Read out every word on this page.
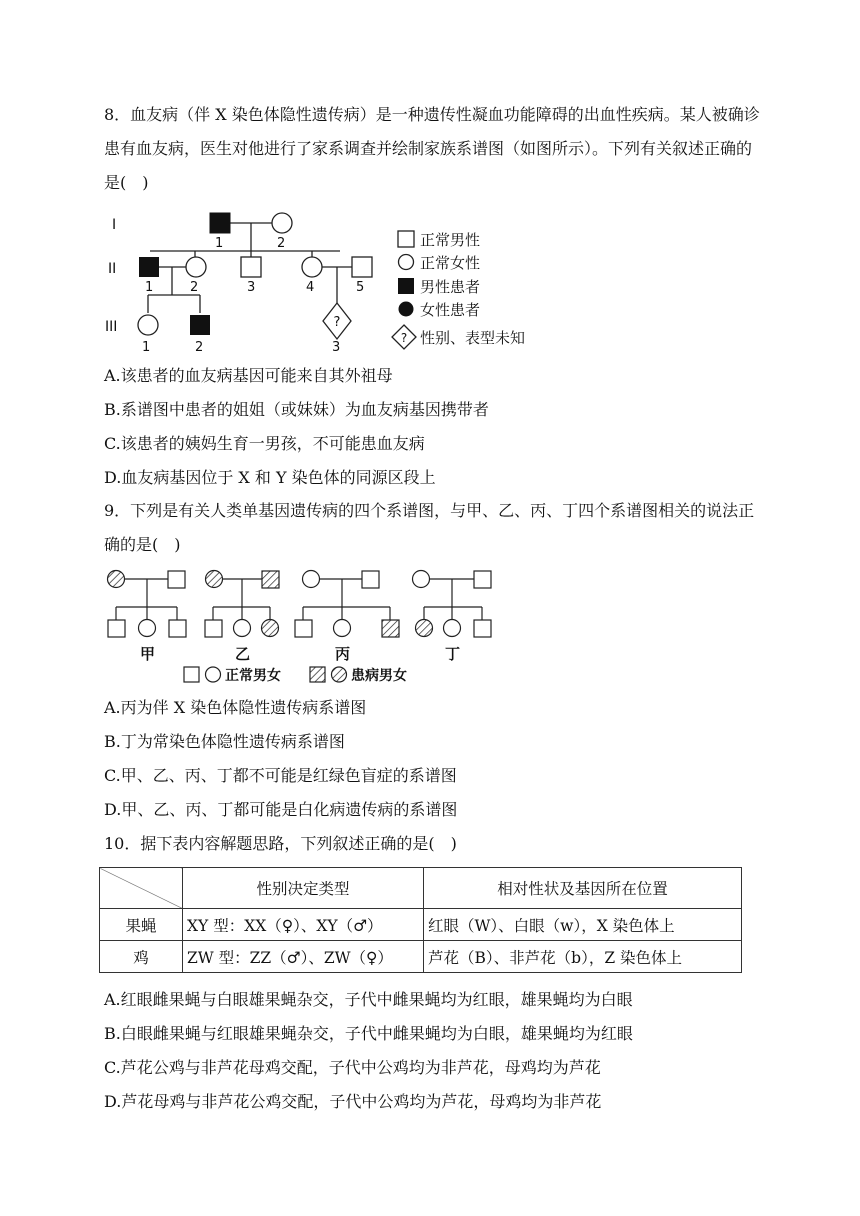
8．血友病（伴 X 染色体隐性遗传病）是一种遗传性凝血功能障碍的出血性疾病。某人被确诊患有血友病，医生对他进行了家系调查并绘制家族系谱图（如图所示）。下列有关叙述正确的是(　)
?
I
II
III
1	2
1	2	3	4	5
1	2	3
正常男性
正常女性
男性患者
女性患者
? 性别、表型未知
A.该患者的血友病基因可能来自其外祖母
B.系谱图中患者的姐姐（或妹妹）为血友病基因携带者
C.该患者的姨妈生育一男孩，不可能患血友病
D.血友病基因位于 X 和 Y 染色体的同源区段上
9．下列是有关人类单基因遗传病的四个系谱图，与甲、乙、丙、丁四个系谱图相关的说法正确的是(　)
甲	乙	丙	丁
正常男女	患病男女
A.丙为伴 X 染色体隐性遗传病系谱图
B.丁为常染色体隐性遗传病系谱图
C.甲、乙、丙、丁都不可能是红绿色盲症的系谱图
D.甲、乙、丙、丁都可能是白化病遗传病的系谱图
10．据下表内容解题思路，下列叙述正确的是(　)
	性别决定类型	相对性状及基因所在位置
果蝇	XY 型：XX（♀）、XY（♂）	红眼（W）、白眼（w），X 染色体上
鸡	ZW 型：ZZ（♂）、ZW（♀）	芦花（B）、非芦花（b），Z 染色体上
A.红眼雌果蝇与白眼雄果蝇杂交，子代中雌果蝇均为红眼，雄果蝇均为白眼
B.白眼雌果蝇与红眼雄果蝇杂交，子代中雌果蝇均为白眼，雄果蝇均为红眼
C.芦花公鸡与非芦花母鸡交配，子代中公鸡均为非芦花，母鸡均为芦花
D.芦花母鸡与非芦花公鸡交配，子代中公鸡均为芦花，母鸡均为非芦花
